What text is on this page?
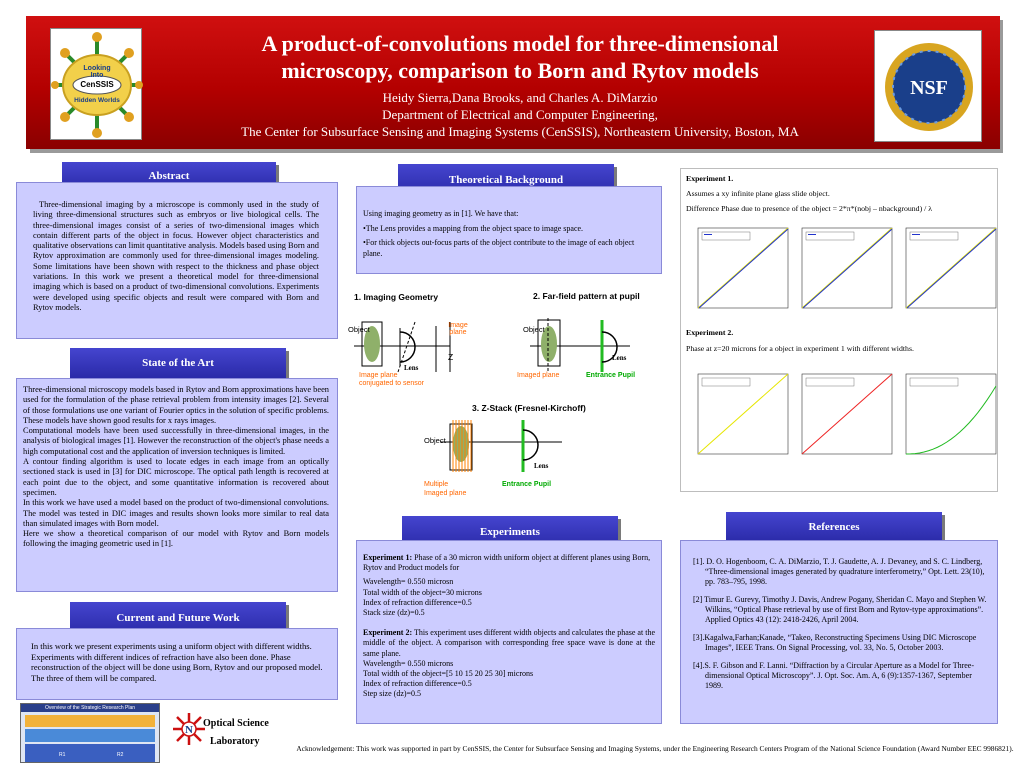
Looking Into
CenSSIS
Hidden Worlds
NSF
A product-of-convolutions model for three-dimensional
microscopy, comparison to Born and Rytov models
Heidy Sierra,Dana Brooks, and Charles A. DiMarzio
Department of Electrical and Computer Engineering,
The Center for Subsurface Sensing and Imaging Systems (CenSSIS), Northeastern University, Boston, MA
Abstract

Three-dimensional imaging by a microscope is commonly used in the study of living three-dimensional structures such as embryos or live biological cells. The three-dimensional images consist of a series of two-dimensional images which contain different parts of the object in focus. However object characteristics and qualitative observations can limit quantitative analysis. Models based using Born and Rytov approximation are commonly used for three-dimensional images modeling. Some limitations have been shown with respect to the thickness and phase object variations. In this work we present a theoretical model for three-dimensional imaging which is based on a product of two-dimensional convolutions. Experiments were developed using specific objects and result were compared with Born and Rytov models.

State of the Art

Three-dimensional microscopy models based in Rytov and Born approximations have been used for the formulation of the phase retrieval problem from intensity images [2]. Several of those formulations use one variant of Fourier optics in the solution of specific problems. These models have shown good results for x rays images.

Computational models have been used successfully in three-dimensional images, in the analysis of biological images [1]. However the reconstruction of the object's phase needs a high computational cost and the application of inversion techniques is limited.

A contour finding algorithm is used to locate edges in each image from an optically sectioned stack is used in [3] for DIC microscope. The optical path length is recovered at each point due to the object, and some quantitative information is recovered about specimen.

In this work we have used a model based on the product of two-dimensional convolutions. The model was tested in DIC images and results shown looks more similar to real data than simulated images with Born model.

Here we show a theoretical comparison of our model with Rytov and Born models following the imaging geometric used in [1].

Current and Future Work

In this work we present experiments using a uniform object with different widths. Experiments with different indices of refraction have also been done. Phase reconstruction of the object will be done using Born, Rytov and our proposed model. The three of them will be compared.

Overview of the Strategic Research Plan
R1	R2
N
Optical Science
Laboratory
Theoretical Background

Using imaging geometry as in [1]. We have that:

•The Lens provides a mapping from the object space to image space.

•For thick objects out-focus parts of the object contribute to the image of each object plane.

1. Imaging Geometry	2. Far-field pattern at pupil
3. Z-Stack (Fresnel-Kirchoff)
Object
Lens
Image
plane
Z
Image plane
conjugated to sensor
Object
Lens
Imaged plane	Entrance Pupil
Object
Lens
Multiple
Imaged plane
Entrance Pupil
Experiments

Experiment 1: Phase of a 30 micron width uniform object at different planes using Born, Rytov and Product models for

Wavelength= 0.550 microsn

Total width of the object=30 microns

Index of refraction difference=0.5

Stack size (dz)=0.5

Experiment 2: This experiment uses different width objects and calculates the phase at the middle of the object. A comparison with corresponding free space wave is done at the same plane.

Wavelength= 0.550 microns

Total width of the object=[5 10 15 20 25 30] microns

Index of refraction difference=0.5

Step size (dz)=0.5

Experiment 1.

Assumes a xy infinite plane glass slide object.

Difference Phase due to presence of the object = 2*π*(nobj – nbackground) / λ

Experiment 2.

Phase at z=20 microns for a object in experiment 1 with different widths.

References

[1]. D. O. Hogenboom, C. A. DiMarzio, T. J. Gaudette, A. J. Devaney, and S. C. Lindberg, “Three-dimensional images generated by quadrature interferometry,” Opt. Lett. 23(10), pp. 783–795, 1998.

[2] Timur E. Gurevy, Timothy J. Davis, Andrew Pogany, Sheridan C. Mayo and Stephen W. Wilkins, “Optical Phase retrieval by use of first Born and Rytov-type approximations”. Applied Optics 43 (12): 2418-2426, April 2004.

[3].Kagalwa,Farhan;Kanade, “Takeo, Reconstructing Specimens Using DIC Microscope Images”, IEEE Trans. On Signal Processing, vol. 33, No. 5, October 2003.

[4].S. F. Gibson and F. Lanni. “Diffraction by a Circular Aperture as a Model for Three-dimensional Optical Microscopy”. J. Opt. Soc. Am. A, 6 (9):1357-1367, September 1989.

Acknowledgement: This work was supported in part by CenSSIS, the Center for Subsurface Sensing and Imaging Systems, under the Engineering Research Centers Program of the National Science Foundation (Award Number EEC 9986821).
